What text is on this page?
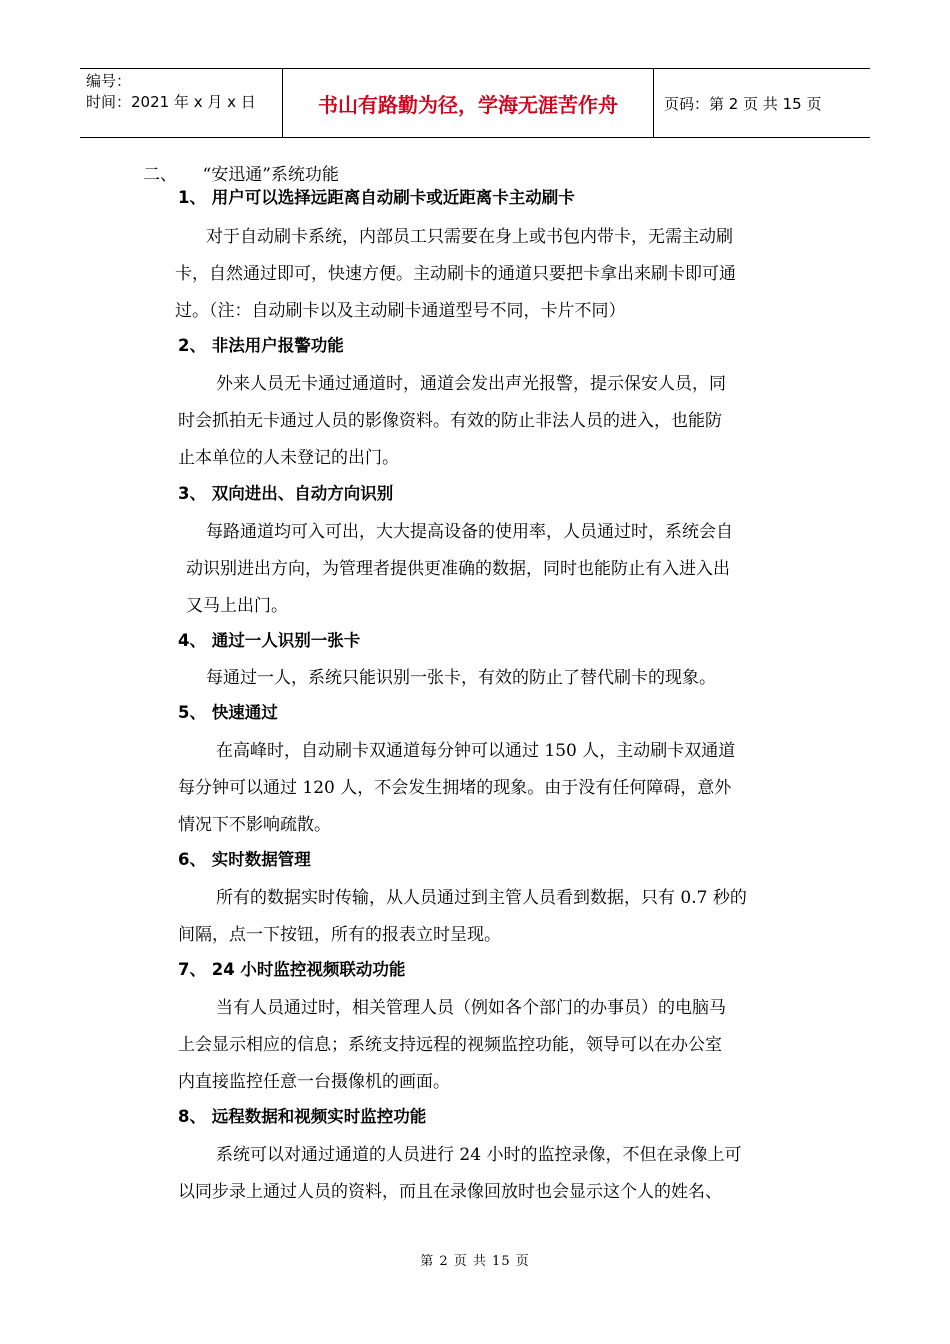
编号：
时间：2021 年 x 月 x 日	书山有路勤为径，学海无涯苦作舟	页码：第 2 页 共 15 页
二、　　“安迅通”系统功能
1、 用户可以选择远距离自动刷卡或近距离卡主动刷卡
对于自动刷卡系统，内部员工只需要在身上或书包内带卡，无需主动刷
卡，自然通过即可，快速方便。主动刷卡的通道只要把卡拿出来刷卡即可通
过。（注：自动刷卡以及主动刷卡通道型号不同，卡片不同）
2、 非法用户报警功能
外来人员无卡通过通道时，通道会发出声光报警，提示保安人员，同
时会抓拍无卡通过人员的影像资料。有效的防止非法人员的进入，也能防
止本单位的人未登记的出门。
3、 双向进出、自动方向识别
每路通道均可入可出，大大提高设备的使用率，人员通过时，系统会自
动识别进出方向，为管理者提供更准确的数据，同时也能防止有入进入出
又马上出门。
4、 通过一人识别一张卡
每通过一人，系统只能识别一张卡，有效的防止了替代刷卡的现象。
5、 快速通过
在高峰时，自动刷卡双通道每分钟可以通过 150 人，主动刷卡双通道
每分钟可以通过 120 人，不会发生拥堵的现象。由于没有任何障碍，意外
情况下不影响疏散。
6、 实时数据管理
所有的数据实时传输，从人员通过到主管人员看到数据，只有 0.7 秒的
间隔，点一下按钮，所有的报表立时呈现。
7、 24 小时监控视频联动功能
当有人员通过时，相关管理人员（例如各个部门的办事员）的电脑马
上会显示相应的信息；系统支持远程的视频监控功能，领导可以在办公室
内直接监控任意一台摄像机的画面。
8、 远程数据和视频实时监控功能
系统可以对通过通道的人员进行 24 小时的监控录像，不但在录像上可
以同步录上通过人员的资料，而且在录像回放时也会显示这个人的姓名、
第 2 页 共 15 页
